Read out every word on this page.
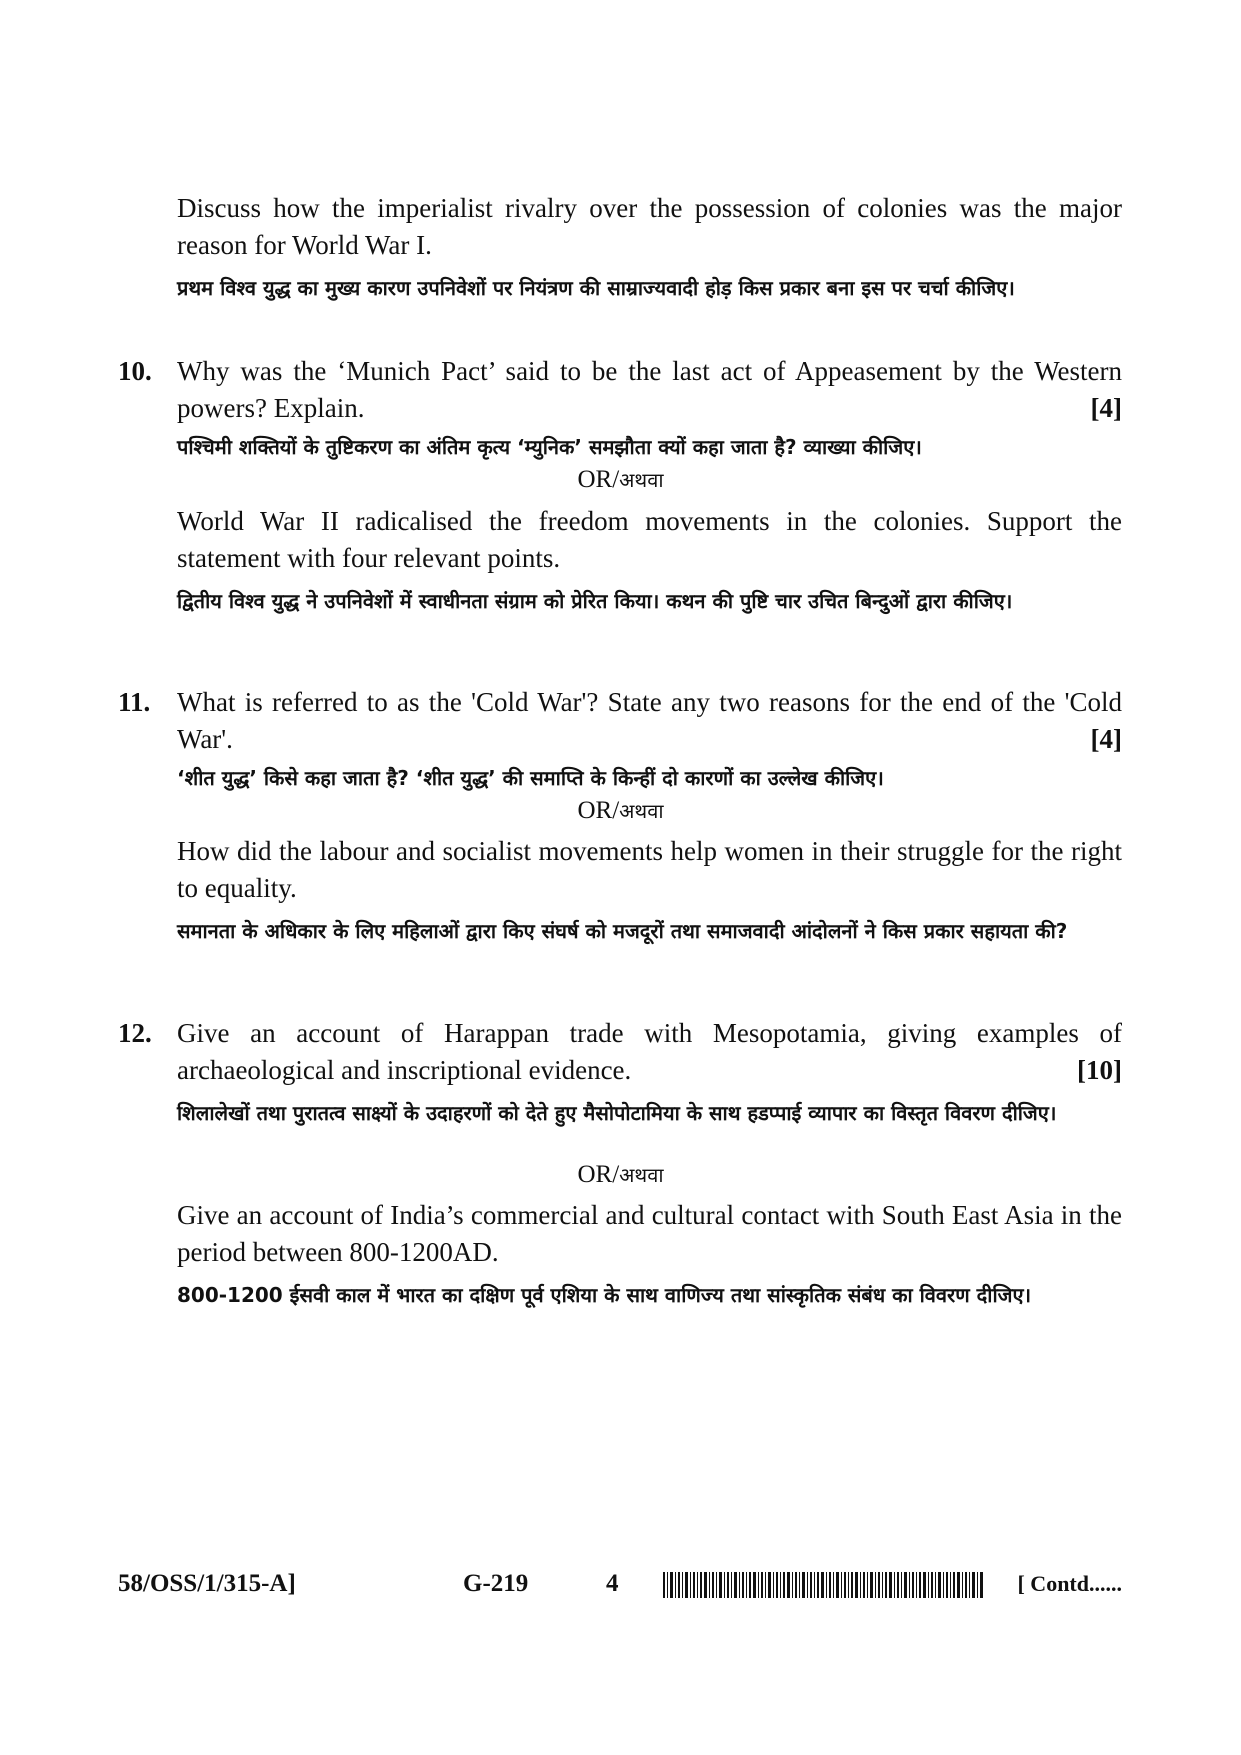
Discuss how the imperialist rivalry over the possession of colonies was the major reason for World War I.

प्रथम विश्व युद्ध का मुख्य कारण उपनिवेशों पर नियंत्रण की साम्राज्यवादी होड़ किस प्रकार बना इस पर चर्चा कीजिए।

10. Why was the ‘Munich Pact’ said to be the last act of Appeasement by the Western powers? Explain.	[4]

पश्चिमी शक्तियों के तुष्टिकरण का अंतिम कृत्य ‘म्युनिक’ समझौता क्यों कहा जाता है? व्याख्या कीजिए।

OR/अथवा

World War II radicalised the freedom movements in the colonies. Support the statement with four relevant points.

द्वितीय विश्व युद्ध ने उपनिवेशों में स्वाधीनता संग्राम को प्रेरित किया। कथन की पुष्टि चार उचित बिन्दुओं द्वारा कीजिए।

11. What is referred to as the 'Cold War'? State any two reasons for the end of the 'Cold War'.	[4]

‘शीत युद्ध’ किसे कहा जाता है? ‘शीत युद्ध’ की समाप्ति के किन्हीं दो कारणों का उल्लेख कीजिए।

OR/अथवा

How did the labour and socialist movements help women in their struggle for the right to equality.

समानता के अधिकार के लिए महिलाओं द्वारा किए संघर्ष को मजदूरों तथा समाजवादी आंदोलनों ने किस प्रकार सहायता की?

12. Give an account of Harappan trade with Mesopotamia, giving examples of archaeological and inscriptional evidence.	[10]

शिलालेखों तथा पुरातत्व साक्ष्यों के उदाहरणों को देते हुए मैसोपोटामिया के साथ हडप्पाई व्यापार का विस्तृत विवरण दीजिए।

OR/अथवा

Give an account of India’s commercial and cultural contact with South East Asia in the period between 800-1200AD.

800-1200 ईसवी काल में भारत का दक्षिण पूर्व एशिया के साथ वाणिज्य तथा सांस्कृतिक संबंध का विवरण दीजिए।

58/OSS/1/315-A]	G-219	4	[ Contd......
